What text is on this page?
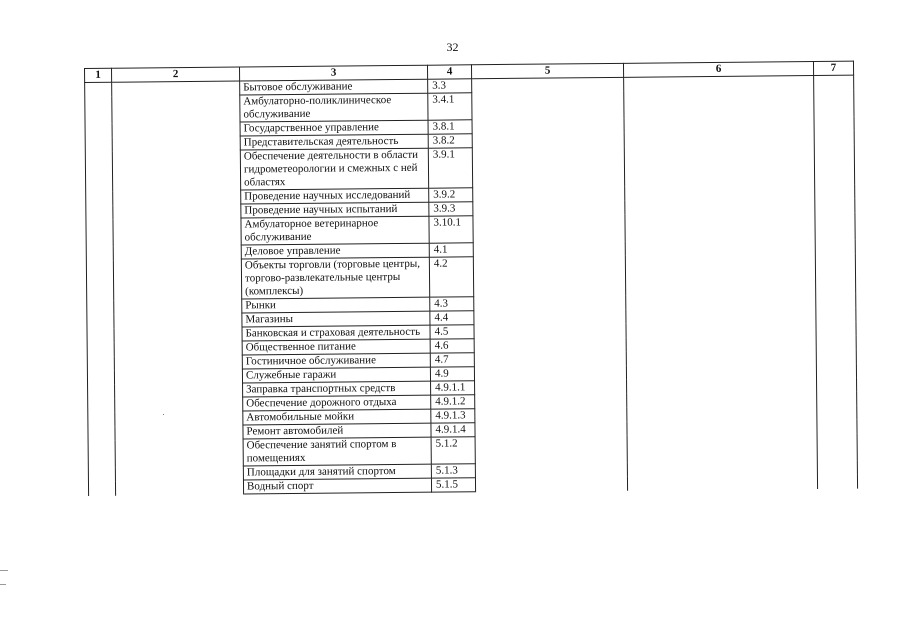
32
1	2	3	4	5	6	7
		Бытовое обслуживание	3.3			
		Амбулаторно-поликлиническое обслуживание	3.4.1			
		Государственное управление	3.8.1			
		Представительская деятельность	3.8.2			
		Обеспечение деятельности в области гидрометеорологии и смежных с ней областях	3.9.1			
		Проведение научных исследований	3.9.2			
		Проведение научных испытаний	3.9.3			
		Амбулаторное ветеринарное обслуживание	3.10.1			
		Деловое управление	4.1			
		Объекты торговли (торговые центры, торгово-развлекательные центры (комплексы)	4.2			
		Рынки	4.3			
		Магазины	4.4			
		Банковская и страховая деятельность	4.5			
		Общественное питание	4.6			
		Гостиничное обслуживание	4.7			
		Служебные гаражи	4.9			
		Заправка транспортных средств	4.9.1.1			
		Обеспечение дорожного отдыха	4.9.1.2			
		Автомобильные мойки	4.9.1.3			
		Ремонт автомобилей	4.9.1.4			
		Обеспечение занятий спортом в помещениях	5.1.2			
		Площадки для занятий спортом	5.1.3			
		Водный спорт	5.1.5			
